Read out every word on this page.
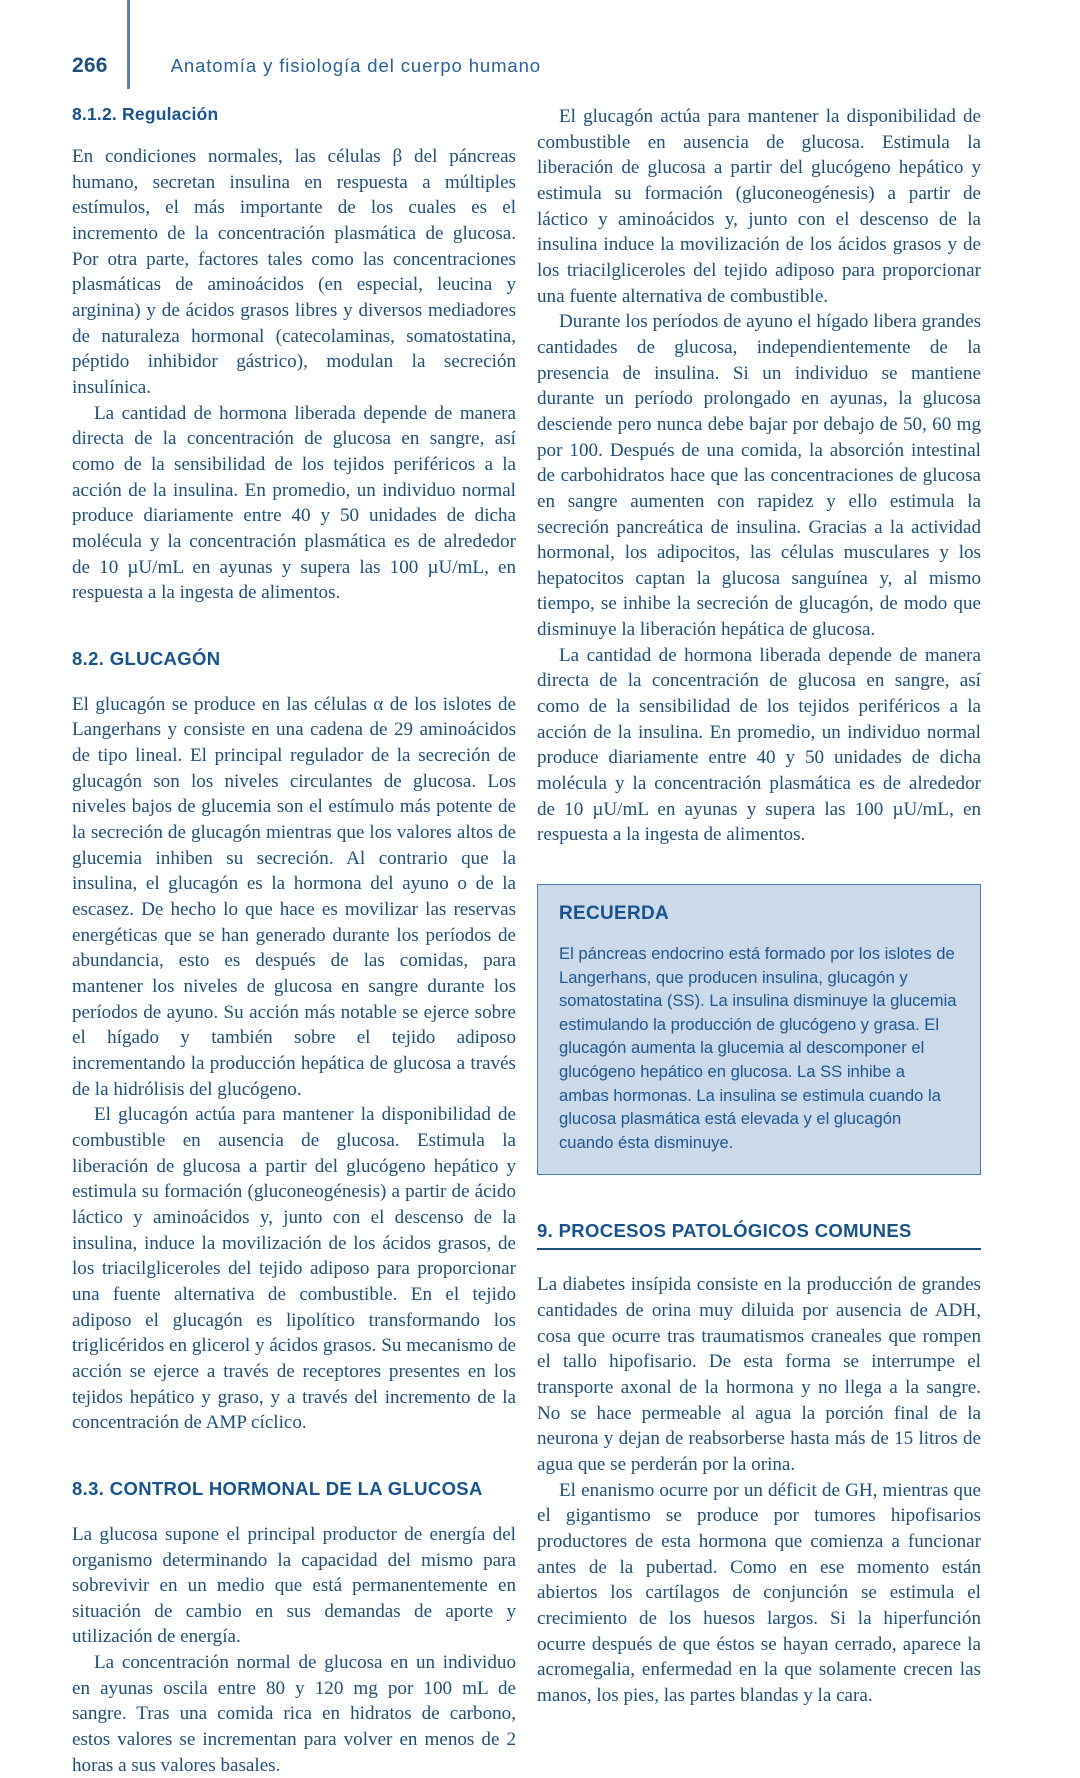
266	Anatomía y fisiología del cuerpo humano
8.1.2. Regulación

En condiciones normales, las células β del páncreas humano, secretan insulina en respuesta a múltiples estímulos, el más importante de los cuales es el incremento de la concentración plasmática de glucosa. Por otra parte, factores tales como las concentraciones plasmáticas de aminoácidos (en especial, leucina y arginina) y de ácidos grasos libres y diversos mediadores de naturaleza hormonal (catecolaminas, somatostatina, péptido inhibidor gástrico), modulan la secreción insulínica.

La cantidad de hormona liberada depende de manera directa de la concentración de glucosa en sangre, así como de la sensibilidad de los tejidos periféricos a la acción de la insulina. En promedio, un individuo normal produce diariamente entre 40 y 50 unidades de dicha molécula y la concentración plasmática es de alrededor de 10 µU/mL en ayunas y supera las 100 µU/mL, en respuesta a la ingesta de alimentos.

8.2. GLUCAGÓN

El glucagón se produce en las células α de los islotes de Langerhans y consiste en una cadena de 29 aminoácidos de tipo lineal. El principal regulador de la secreción de glucagón son los niveles circulantes de glucosa. Los niveles bajos de glucemia son el estímulo más potente de la secreción de glucagón mientras que los valores altos de glucemia inhiben su secreción. Al contrario que la insulina, el glucagón es la hormona del ayuno o de la escasez. De hecho lo que hace es movilizar las reservas energéticas que se han generado durante los períodos de abundancia, esto es después de las comidas, para mantener los niveles de glucosa en sangre durante los períodos de ayuno. Su acción más notable se ejerce sobre el hígado y también sobre el tejido adiposo incrementando la producción hepática de glucosa a través de la hidrólisis del glucógeno.

El glucagón actúa para mantener la disponibilidad de combustible en ausencia de glucosa. Estimula la liberación de glucosa a partir del glucógeno hepático y estimula su formación (gluconeogénesis) a partir de ácido láctico y aminoácidos y, junto con el descenso de la insulina, induce la movilización de los ácidos grasos, de los triacilgliceroles del tejido adiposo para proporcionar una fuente alternativa de combustible. En el tejido adiposo el glucagón es lipolítico transformando los triglicéridos en glicerol y ácidos grasos. Su mecanismo de acción se ejerce a través de receptores presentes en los tejidos hepático y graso, y a través del incremento de la concentración de AMP cíclico.

8.3. CONTROL HORMONAL DE LA GLUCOSA

La glucosa supone el principal productor de energía del organismo determinando la capacidad del mismo para sobrevivir en un medio que está permanentemente en situación de cambio en sus demandas de aporte y utilización de energía.

La concentración normal de glucosa en un individuo en ayunas oscila entre 80 y 120 mg por 100 mL de sangre. Tras una comida rica en hidratos de carbono, estos valores se incrementan para volver en menos de 2 horas a sus valores basales.

El glucagón actúa para mantener la disponibilidad de combustible en ausencia de glucosa. Estimula la liberación de glucosa a partir del glucógeno hepático y estimula su formación (gluconeogénesis) a partir de láctico y aminoácidos y, junto con el descenso de la insulina induce la movilización de los ácidos grasos y de los triacilgliceroles del tejido adiposo para proporcionar una fuente alternativa de combustible.

Durante los períodos de ayuno el hígado libera grandes cantidades de glucosa, independientemente de la presencia de insulina. Si un individuo se mantiene durante un período prolongado en ayunas, la glucosa desciende pero nunca debe bajar por debajo de 50, 60 mg por 100. Después de una comida, la absorción intestinal de carbohidratos hace que las concentraciones de glucosa en sangre aumenten con rapidez y ello estimula la secreción pancreática de insulina. Gracias a la actividad hormonal, los adipocitos, las células musculares y los hepatocitos captan la glucosa sanguínea y, al mismo tiempo, se inhibe la secreción de glucagón, de modo que disminuye la liberación hepática de glucosa.

La cantidad de hormona liberada depende de manera directa de la concentración de glucosa en sangre, así como de la sensibilidad de los tejidos periféricos a la acción de la insulina. En promedio, un individuo normal produce diariamente entre 40 y 50 unidades de dicha molécula y la concentración plasmática es de alrededor de 10 µU/mL en ayunas y supera las 100 µU/mL, en respuesta a la ingesta de alimentos.

RECUERDA
El páncreas endocrino está formado por los islotes de Langerhans, que producen insulina, glucagón y somatostatina (SS). La insulina disminuye la glucemia estimulando la producción de glucógeno y grasa. El glucagón aumenta la glucemia al descomponer el glucógeno hepático en glucosa. La SS inhibe a ambas hormonas. La insulina se estimula cuando la glucosa plasmática está elevada y el glucagón cuando ésta disminuye.
9. PROCESOS PATOLÓGICOS COMUNES

La diabetes insípida consiste en la producción de grandes cantidades de orina muy diluida por ausencia de ADH, cosa que ocurre tras traumatismos craneales que rompen el tallo hipofisario. De esta forma se interrumpe el transporte axonal de la hormona y no llega a la sangre. No se hace permeable al agua la porción final de la neurona y dejan de reabsorberse hasta más de 15 litros de agua que se perderán por la orina.

El enanismo ocurre por un déficit de GH, mientras que el gigantismo se produce por tumores hipofisarios productores de esta hormona que comienza a funcionar antes de la pubertad. Como en ese momento están abiertos los cartílagos de conjunción se estimula el crecimiento de los huesos largos. Si la hiperfunción ocurre después de que éstos se hayan cerrado, aparece la acromegalia, enfermedad en la que solamente crecen las manos, los pies, las partes blandas y la cara.
